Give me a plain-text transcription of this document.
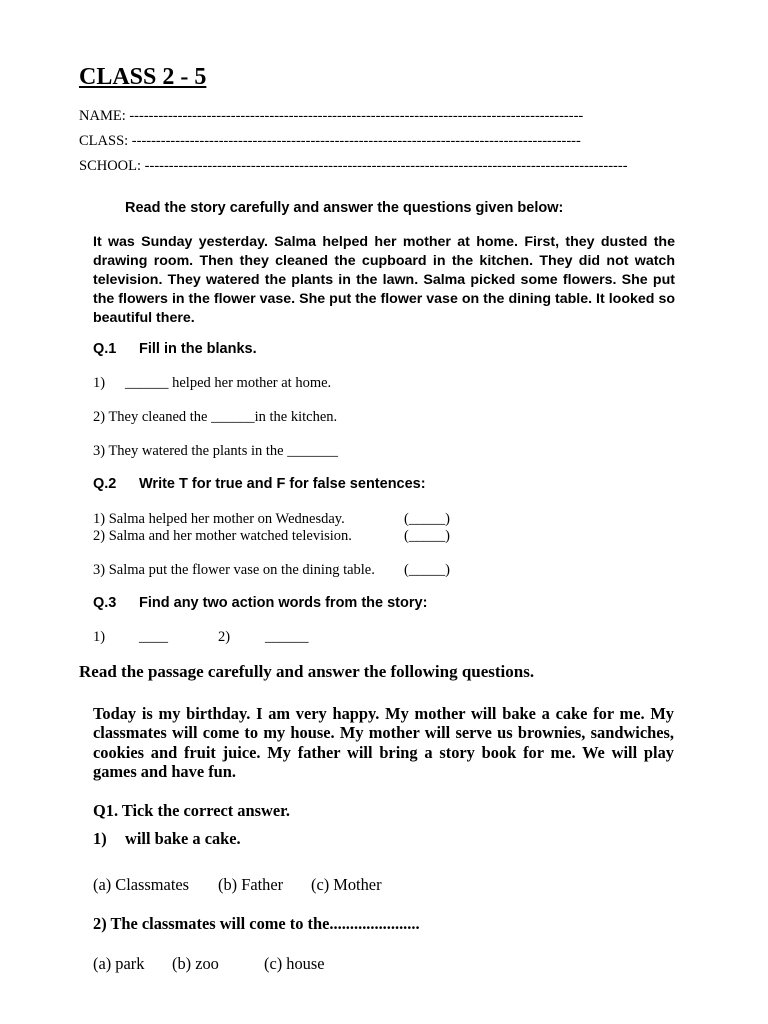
CLASS 2 - 5
NAME: ----------------------------------------------------------------------------------------------
CLASS: ---------------------------------------------------------------------------------------------
SCHOOL: ----------------------------------------------------------------------------------------------------
Read the story carefully and answer the questions given below:
It was Sunday yesterday. Salma helped her mother at home. First, they dusted the drawing room. Then they cleaned the cupboard in the kitchen. They did not watch television. They watered the plants in the lawn. Salma picked some flowers. She put the flowers in the flower vase. She put the flower vase on the dining table. It looked so beautiful there.
Q.1 Fill in the blanks.
1) ______ helped her mother at home.
2) They cleaned the ______in the kitchen.
3) They watered the plants in the _______
Q.2 Write T for true and F for false sentences:
1) Salma helped her mother on Wednesday.	(_____)
2) Salma and her mother watched television.	(_____)
3) Salma put the flower vase on the dining table. (_____)
Q.3 Find any two action words from the story:
1) ____	2) ______
Read the passage carefully and answer the following questions.
Today is my birthday. I am very happy. My mother will bake a cake for me. My classmates will come to my house. My mother will serve us brownies, sandwiches, cookies and fruit juice. My father will bring a story book for me. We will play games and have fun.
Q1. Tick the correct answer.
1) will bake a cake.
(a) Classmates (b) Father (c) Mother
2) The classmates will come to the......................
(a) park (b) zoo	(c) house
